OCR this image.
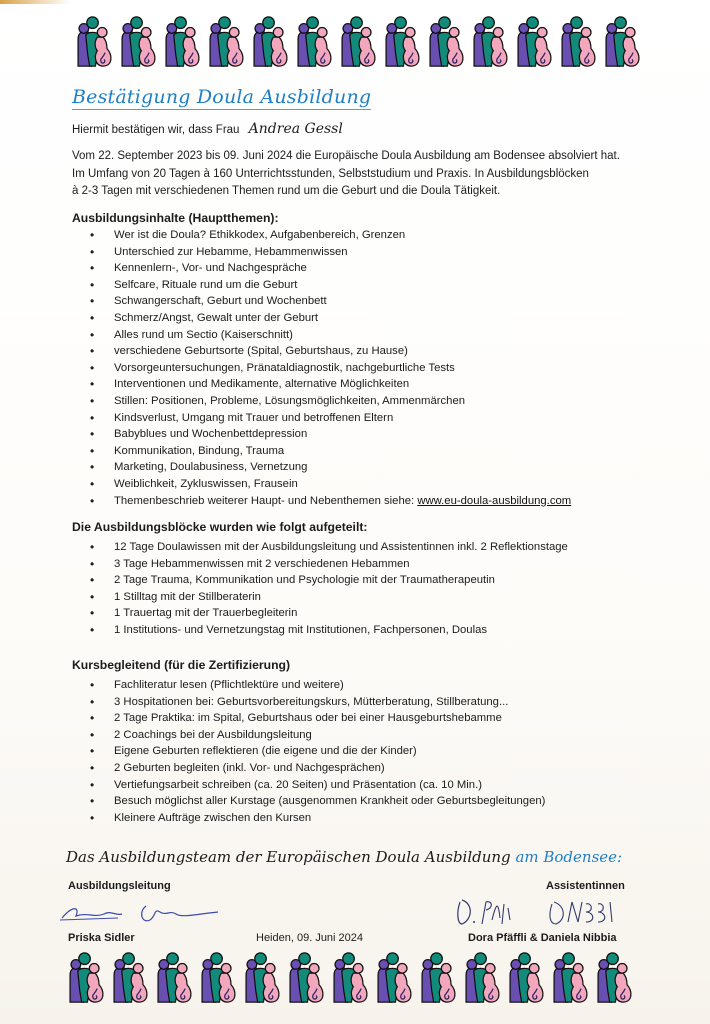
Bestätigung Doula Ausbildung
Hiermit bestätigen wir, dass Frau Andrea Gessl
Vom 22. September 2023 bis 09. Juni 2024 die Europäische Doula Ausbildung am Bodensee absolviert hat.
Im Umfang von 20 Tagen à 160 Unterrichtsstunden, Selbststudium und Praxis. In Ausbildungsblöcken
à 2-3 Tagen mit verschiedenen Themen rund um die Geburt und die Doula Tätigkeit.
Ausbildungsinhalte (Hauptthemen):
• Wer ist die Doula? Ethikkodex, Aufgabenbereich, Grenzen
• Unterschied zur Hebamme, Hebammenwissen
• Kennenlern-, Vor- und Nachgespräche
• Selfcare, Rituale rund um die Geburt
• Schwangerschaft, Geburt und Wochenbett
• Schmerz/Angst, Gewalt unter der Geburt
• Alles rund um Sectio (Kaiserschnitt)
• verschiedene Geburtsorte (Spital, Geburtshaus, zu Hause)
• Vorsorgeuntersuchungen, Pränataldiagnostik, nachgeburtliche Tests
• Interventionen und Medikamente, alternative Möglichkeiten
• Stillen: Positionen, Probleme, Lösungsmöglichkeiten, Ammenmärchen
• Kindsverlust, Umgang mit Trauer und betroffenen Eltern
• Babyblues und Wochenbettdepression
• Kommunikation, Bindung, Trauma
• Marketing, Doulabusiness, Vernetzung
• Weiblichkeit, Zykluswissen, Frausein
• Themenbeschrieb weiterer Haupt- und Nebenthemen siehe: www.eu-doula-ausbildung.com
Die Ausbildungsblöcke wurden wie folgt aufgeteilt:
• 12 Tage Doulawissen mit der Ausbildungsleitung und Assistentinnen inkl. 2 Reflektionstage
• 3 Tage Hebammenwissen mit 2 verschiedenen Hebammen
• 2 Tage Trauma, Kommunikation und Psychologie mit der Traumatherapeutin
• 1 Stilltag mit der Stillberaterin
• 1 Trauertag mit der Trauerbegleiterin
• 1 Institutions- und Vernetzungstag mit Institutionen, Fachpersonen, Doulas
Kursbegleitend (für die Zertifizierung)
• Fachliteratur lesen (Pflichtlektüre und weitere)
• 3 Hospitationen bei: Geburtsvorbereitungskurs, Mütterberatung, Stillberatung...
• 2 Tage Praktika: im Spital, Geburtshaus oder bei einer Hausgeburtshebamme
• 2 Coachings bei der Ausbildungsleitung
• Eigene Geburten reflektieren (die eigene und die der Kinder)
• 2 Geburten begleiten (inkl. Vor- und Nachgesprächen)
• Vertiefungsarbeit schreiben (ca. 20 Seiten) und Präsentation (ca. 10 Min.)
• Besuch möglichst aller Kurstage (ausgenommen Krankheit oder Geburtsbegleitungen)
• Kleinere Aufträge zwischen den Kursen
Das Ausbildungsteam der Europäischen Doula Ausbildung am Bodensee:
Ausbildungsleitung
Priska Sidler	Heiden, 09. Juni 2024
Assistentinnen
Dora Pfäffli & Daniela Nibbia
